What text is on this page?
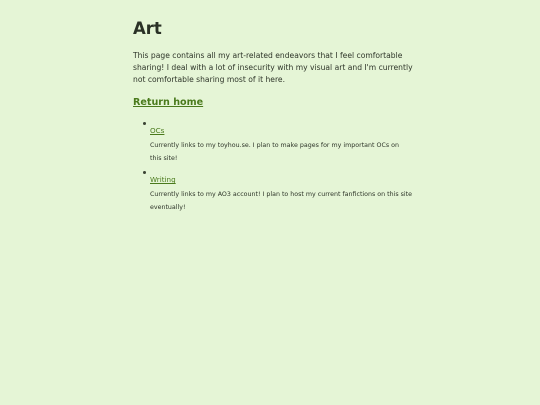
Art

This page contains all my art-related endeavors that I feel comfortable sharing! I deal with a lot of insecurity with my visual art and I'm currently not comfortable sharing most of it here.

Return home
OCs

Currently links to my toyhou.se. I plan to make pages for my important OCs on this site!

Writing

Currently links to my AO3 account! I plan to host my current fanfictions on this site eventually!
